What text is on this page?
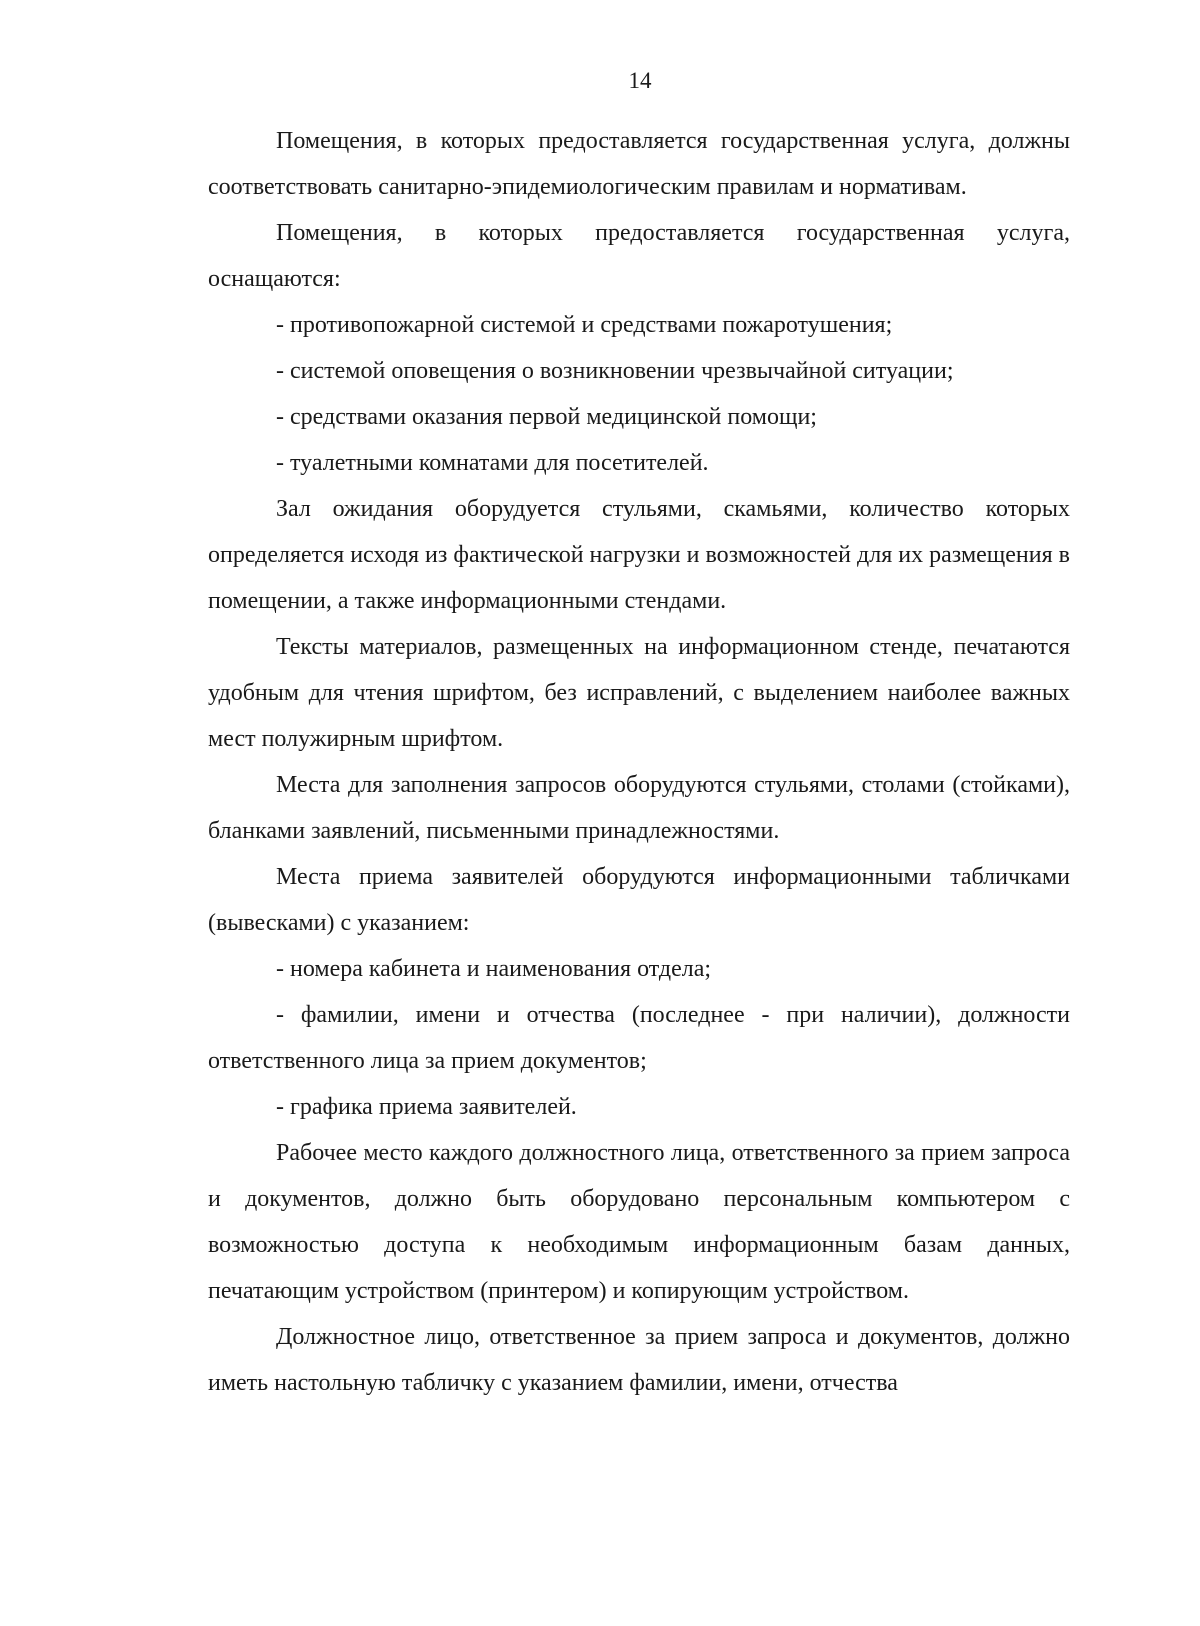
14

Помещения, в которых предоставляется государственная услуга, должны соответствовать санитарно-эпидемиологическим правилам и нормативам.

Помещения, в которых предоставляется государственная услуга, оснащаются:

- противопожарной системой и средствами пожаротушения;

- системой оповещения о возникновении чрезвычайной ситуации;

- средствами оказания первой медицинской помощи;

- туалетными комнатами для посетителей.

Зал ожидания оборудуется стульями, скамьями, количество которых определяется исходя из фактической нагрузки и возможностей для их размещения в помещении, а также информационными стендами.

Тексты материалов, размещенных на информационном стенде, печатаются удобным для чтения шрифтом, без исправлений, с выделением наиболее важных мест полужирным шрифтом.

Места для заполнения запросов оборудуются стульями, столами (стойками), бланками заявлений, письменными принадлежностями.

Места приема заявителей оборудуются информационными табличками (вывесками) с указанием:

- номера кабинета и наименования отдела;

- фамилии, имени и отчества (последнее - при наличии), должности ответственного лица за прием документов;

- графика приема заявителей.

Рабочее место каждого должностного лица, ответственного за прием запроса и документов, должно быть оборудовано персональным компьютером с возможностью доступа к необходимым информационным базам данных, печатающим устройством (принтером) и копирующим устройством.

Должностное лицо, ответственное за прием запроса и документов, должно иметь настольную табличку с указанием фамилии, имени, отчества
